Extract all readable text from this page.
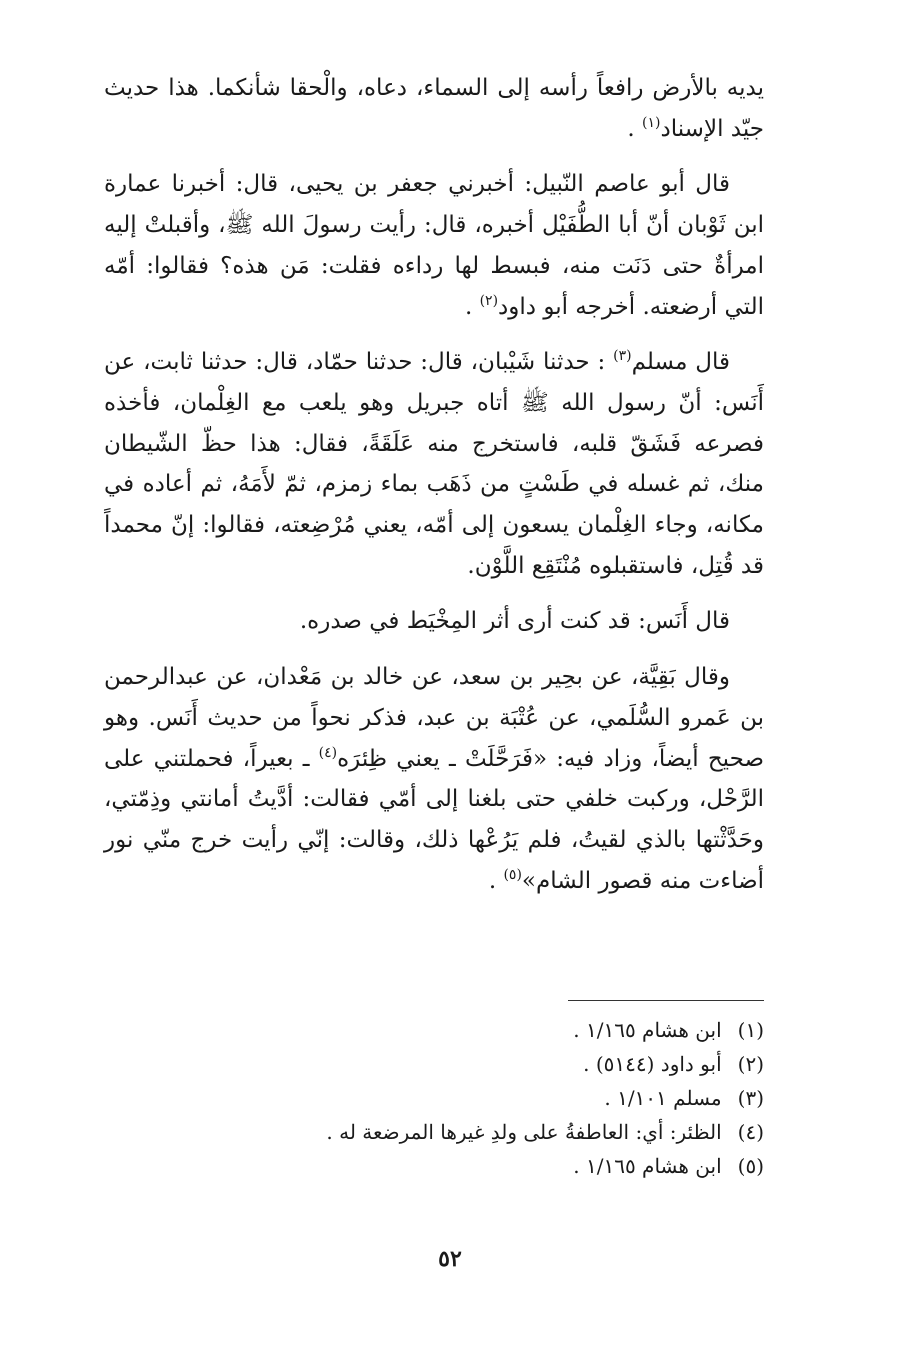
يديه بالأرض رافعاً رأسه إلى السماء، دعاه، والْحقا شأنكما. هذا حديث جيّد الإسناد$^{(١)}$ .

قال أبو عاصم النّبيل: أخبرني جعفر بن يحيى، قال: أخبرنا عمارة ابن ثَوْبان أنّ أبا الطُّفَيْل أخبره، قال: رأيت رسولَ الله ﷺ، وأقبلتْ إليه امرأةٌ حتى دَنَت منه، فبسط لها رداءه فقلت: مَن هذه؟ فقالوا: أمّه التي أرضعته. أخرجه أبو داود$^{(٢)}$ .

قال مسلم$^{(٣)}$ : حدثنا شَيْبان، قال: حدثنا حمّاد، قال: حدثنا ثابت، عن أَنَس: أنّ رسول الله ﷺ أتاه جبريل وهو يلعب مع الغِلْمان، فأخذه فصرعه فَشَقّ قلبه، فاستخرج منه عَلَقَةً، فقال: هذا حظّ الشّيطان منك، ثم غسله في طَسْتٍ من ذَهَب بماء زمزم، ثمّ لأَمَهُ، ثم أعاده في مكانه، وجاء الغِلْمان يسعون إلى أمّه، يعني مُرْضِعته، فقالوا: إنّ محمداً قد قُتِل، فاستقبلوه مُنْتَقِع اللَّوْن.

قال أَنَس: قد كنت أرى أثر المِخْيَط في صدره.

وقال بَقِيَّة، عن بحِير بن سعد، عن خالد بن مَعْدان، عن عبدالرحمن بن عَمرو السُّلَمي، عن عُتْبَة بن عبد، فذكر نحواً من حديث أَنَس. وهو صحيح أيضاً، وزاد فيه: «فَرَحَّلَتْ ـ يعني ظِئرَه$^{(٤)}$ ـ بعيراً، فحملتني على الرَّحْل، وركبت خلفي حتى بلغنا إلى أمّي فقالت: أدَّيتُ أمانتي وذِمّتي، وحَدَّثْتها بالذي لقيتُ، فلم يَرُعْها ذلك، وقالت: إنّي رأيت خرج منّي نور أضاءت منه قصور الشام»$^{(٥)}$ .

(١) ابن هشام ١/١٦٥ .
(٢) أبو داود (٥١٤٤) .
(٣) مسلم ١/١٠١ .
(٤) الظئر: أي: العاطفةُ على ولدِ غيرها المرضعة له .
(٥) ابن هشام ١/١٦٥ .
٥٢
